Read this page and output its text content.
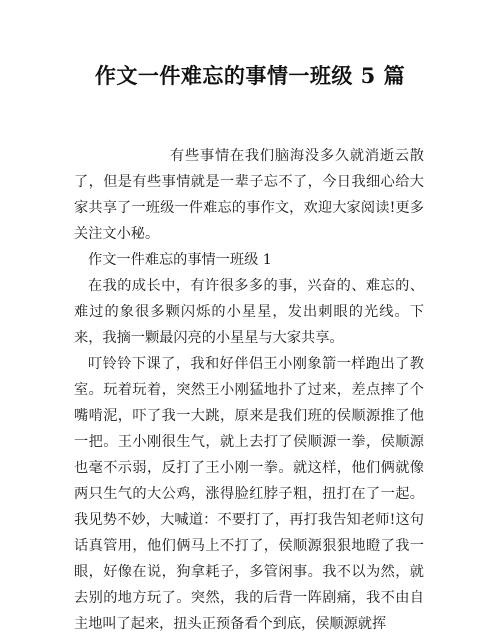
作文一件难忘的事情一班级 5 篇

有些事情在我们脑海没多久就消逝云散了，但是有些事情就是一辈子忘不了，今日我细心给大家共享了一班级一件难忘的事作文，欢迎大家阅读!更多关注文小秘。

作文一件难忘的事情一班级 1

在我的成长中，有许很多多的事，兴奋的、难忘的、难过的象很多颗闪烁的小星星，发出刺眼的光线。下来，我摘一颗最闪亮的小星星与大家共享。

叮铃铃下课了，我和好伴侣王小刚象箭一样跑出了教室。玩着玩着，突然王小刚猛地扑了过来，差点摔了个嘴啃泥，吓了我一大跳，原来是我们班的侯顺源推了他一把。王小刚很生气，就上去打了侯顺源一拳，侯顺源也毫不示弱，反打了王小刚一拳。就这样，他们俩就像两只生气的大公鸡，涨得脸红脖子粗，扭打在了一起。我见势不妙，大喊道：不要打了，再打我告知老师!这句话真管用，他们俩马上不打了，侯顺源狠狠地瞪了我一眼，好像在说，狗拿耗子，多管闲事。我不以为然，就去别的地方玩了。突然，我的后背一阵剧痛，我不由自主地叫了起来，扭头正预备看个到底，侯顺源就挥
